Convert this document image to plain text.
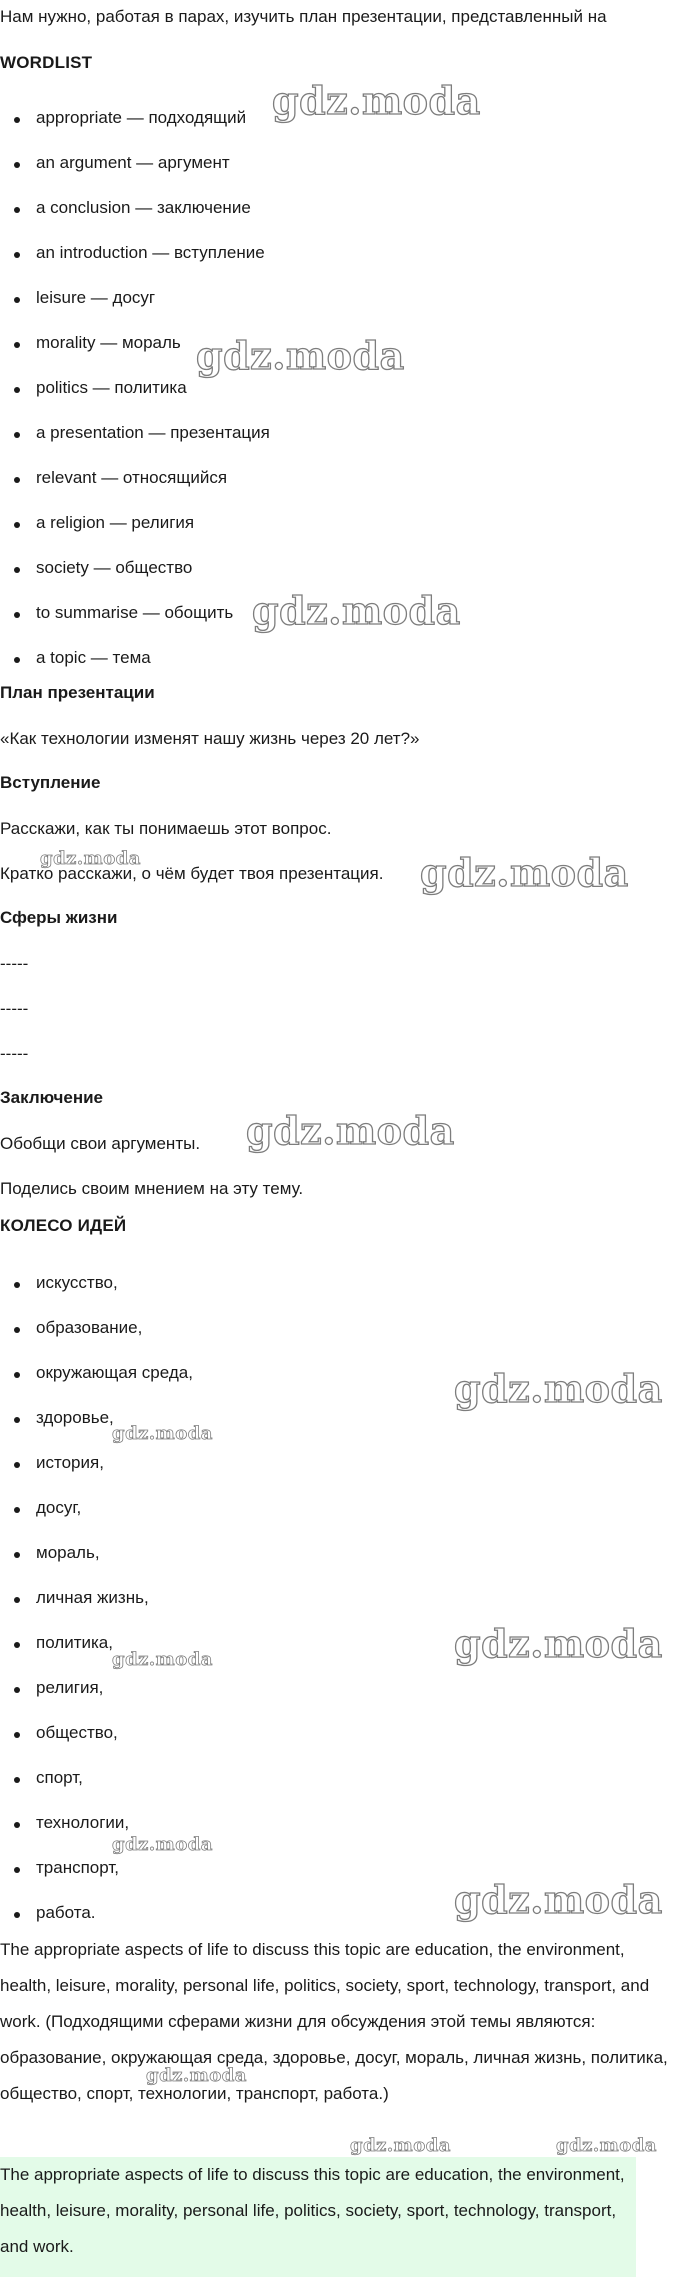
Нам нужно, работая в парах, изучить план презентации, представленный на
WORDLIST
appropriate — подходящий
an argument — аргумент
a conclusion — заключение
an introduction — вступление
leisure — досуг
morality — мораль
politics — политика
a presentation — презентация
relevant — относящийся
a religion — религия
society — общество
to summarise — обощить
a topic — тема
План презентации
«Как технологии изменят нашу жизнь через 20 лет?»
Вступление
Расскажи, как ты понимаешь этот вопрос.
Кратко расскажи, о чём будет твоя презентация.
Сферы жизни
-----
-----
-----
Заключение
Обобщи свои аргументы.
Поделись своим мнением на эту тему.
КОЛЕСО ИДЕЙ
искусство,
образование,
окружающая среда,
здоровье,
история,
досуг,
мораль,
личная жизнь,
политика,
религия,
общество,
спорт,
технологии,
транспорт,
работа.
The appropriate aspects of life to discuss this topic are education, the environment, health, leisure, morality, personal life, politics, society, sport, technology, transport, and work. (Подходящими сферами жизни для обсуждения этой темы являются: образование, окружающая среда, здоровье, досуг, мораль, личная жизнь, политика, общество, спорт, технологии, транспорт, работа.)
The appropriate aspects of life to discuss this topic are education, the environment, health, leisure, morality, personal life, politics, society, sport, technology, transport, and work.
gdz.moda
gdz.moda
gdz.moda
gdz.moda	gdz.moda
gdz.moda
gdz.moda
gdz.moda
gdz.moda
gdz.moda
gdz.moda
gdz.moda
gdz.moda
gdz.moda	gdz.moda
